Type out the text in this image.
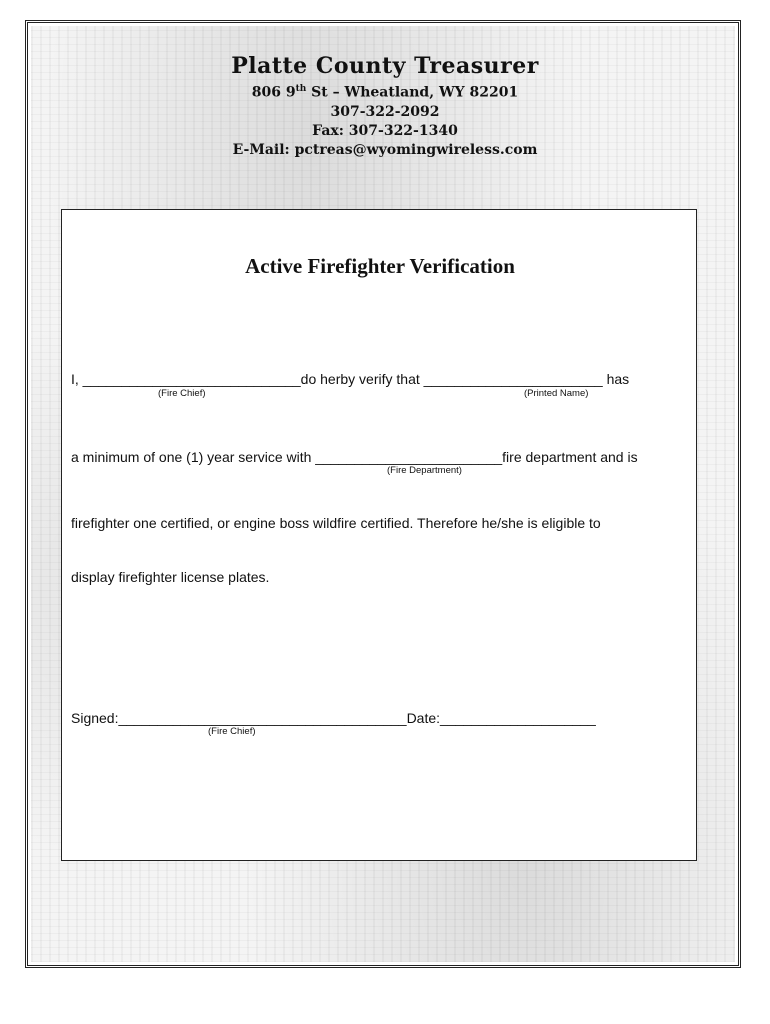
Platte County Treasurer
806 9th St – Wheatland, WY 82201
307-322-2092
Fax: 307-322-1340
E-Mail: pctreas@wyomingwireless.com
Active Firefighter Verification
I, ____________________________do herby verify that _______________________ has
(Fire Chief)	(Printed Name)
a minimum of one (1) year service with ________________________fire department and is
(Fire Department)
firefighter one certified, or engine boss wildfire certified. Therefore he/she is eligible to
display firefighter license plates.
Signed:_____________________________________Date:____________________
(Fire Chief)
